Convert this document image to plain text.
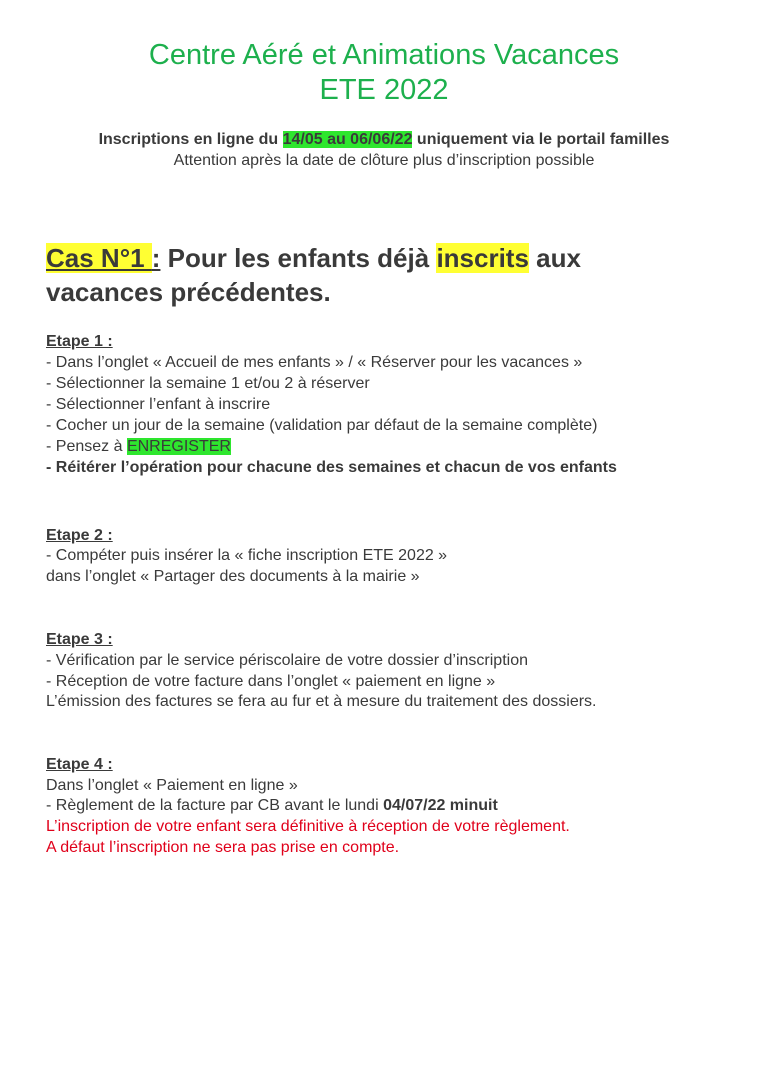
Centre Aéré et Animations Vacances
ETE 2022
Inscriptions en ligne du 14/05 au 06/06/22 uniquement via le portail familles
Attention après la date de clôture plus d’inscription possible
Cas N°1 : Pour les enfants déjà inscrits aux
vacances précédentes.
Etape 1 :
- Dans l’onglet « Accueil de mes enfants » / « Réserver pour les vacances »
- Sélectionner la semaine 1 et/ou 2 à réserver
- Sélectionner l’enfant à inscrire
- Cocher un jour de la semaine (validation par défaut de la semaine complète)
- Pensez à ENREGISTER
- Réitérer l’opération pour chacune des semaines et chacun de vos enfants
Etape 2 :
- Compéter puis insérer la « fiche inscription ETE 2022 »
dans l’onglet « Partager des documents à la mairie »
Etape 3 :
- Vérification par le service périscolaire de votre dossier d’inscription
- Réception de votre facture dans l’onglet « paiement en ligne »
L’émission des factures se fera au fur et à mesure du traitement des dossiers.
Etape 4 :
Dans l’onglet « Paiement en ligne »
- Règlement de la facture par CB avant le lundi 04/07/22 minuit
L’inscription de votre enfant sera définitive à réception de votre règlement.
A défaut l’inscription ne sera pas prise en compte.
